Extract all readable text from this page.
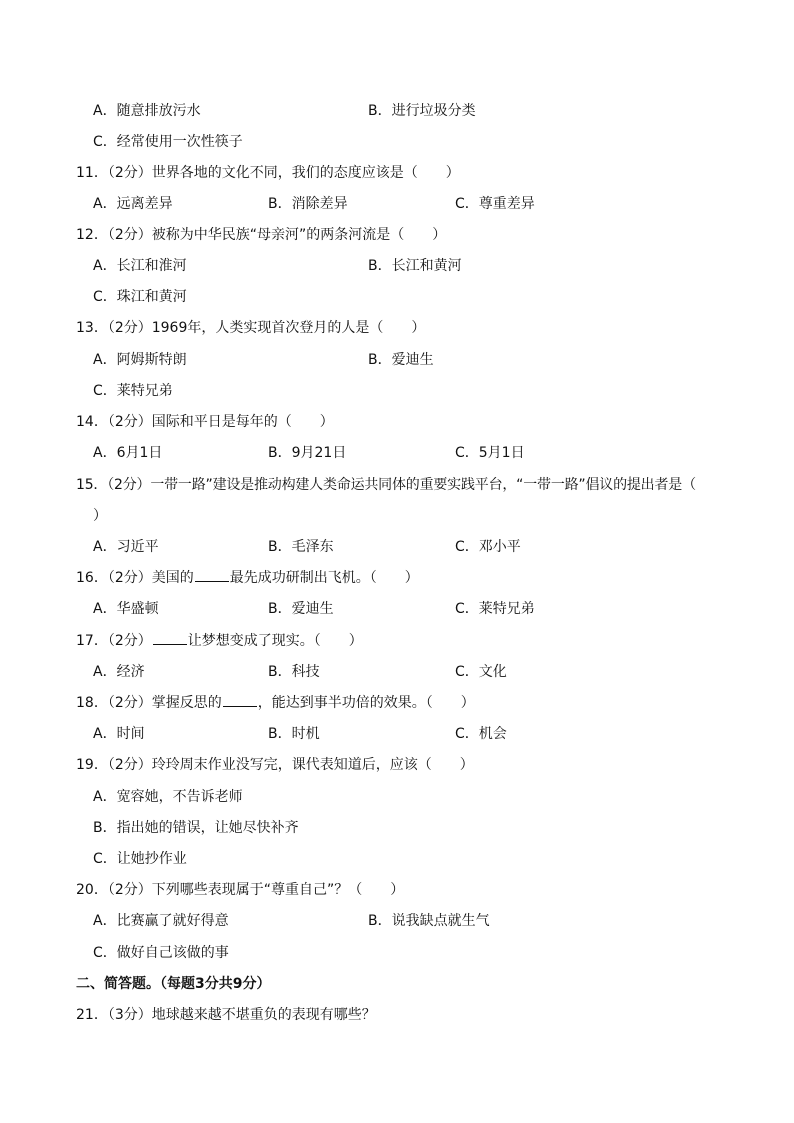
A．随意排放污水	B．进行垃圾分类
C．经常使用一次性筷子
11．（2分）世界各地的文化不同，我们的态度应该是（　　）
A．远离差异	B．消除差异	C．尊重差异
12．（2分）被称为中华民族“母亲河”的两条河流是（　　）
A．长江和淮河	B．长江和黄河
C．珠江和黄河
13．（2分）1969年，人类实现首次登月的人是（　　）
A．阿姆斯特朗	B．爱迪生
C．莱特兄弟
14．（2分）国际和平日是每年的（　　）
A．6月1日	B．9月21日	C．5月1日
15．（2分）一带一路”建设是推动构建人类命运共同体的重要实践平台，“一带一路”倡议的提出者是（
）
A．习近平	B．毛泽东	C．邓小平
16．（2分）美国的	最先成功研制出飞机。（　　）
A．华盛顿	B．爱迪生	C．莱特兄弟
17．（2分）	让梦想变成了现实。（　　）
A．经济	B．科技	C．文化
18．（2分）掌握反思的	，能达到事半功倍的效果。（　　）
A．时间	B．时机	C．机会
19．（2分）玲玲周末作业没写完，课代表知道后，应该（　　）
A．宽容她，不告诉老师
B．指出她的错误，让她尽快补齐
C．让她抄作业
20．（2分）下列哪些表现属于“尊重自己”？（　　）
A．比赛赢了就好得意	B．说我缺点就生气
C．做好自己该做的事
二、简答题。（每题3分共9分）
21．（3分）地球越来越不堪重负的表现有哪些？
